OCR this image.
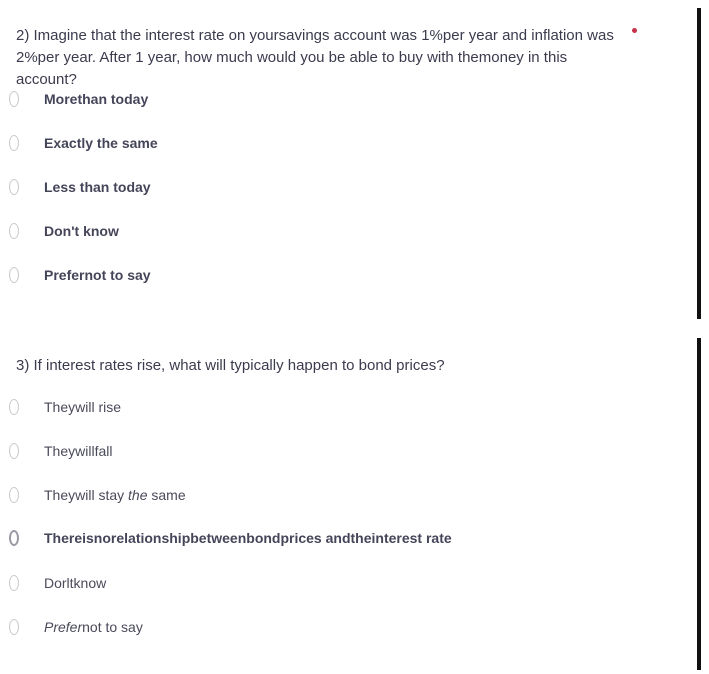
2) Imagine that the interest rate on yoursavings account was 1%per year and inflation was
2%per year. After 1 year, how much would you be able to buy with themoney in this account?
Morethan today
Exactly the same
Less than today
Don't know
Prefernot to say
3) If interest rates rise, what will typically happen to bond prices?
Theywill rise
Theywillfall
Theywill stay the same
Thereisnorelationshipbetweenbondprices andtheinterest rate
Dorltknow
Prefernot to say
